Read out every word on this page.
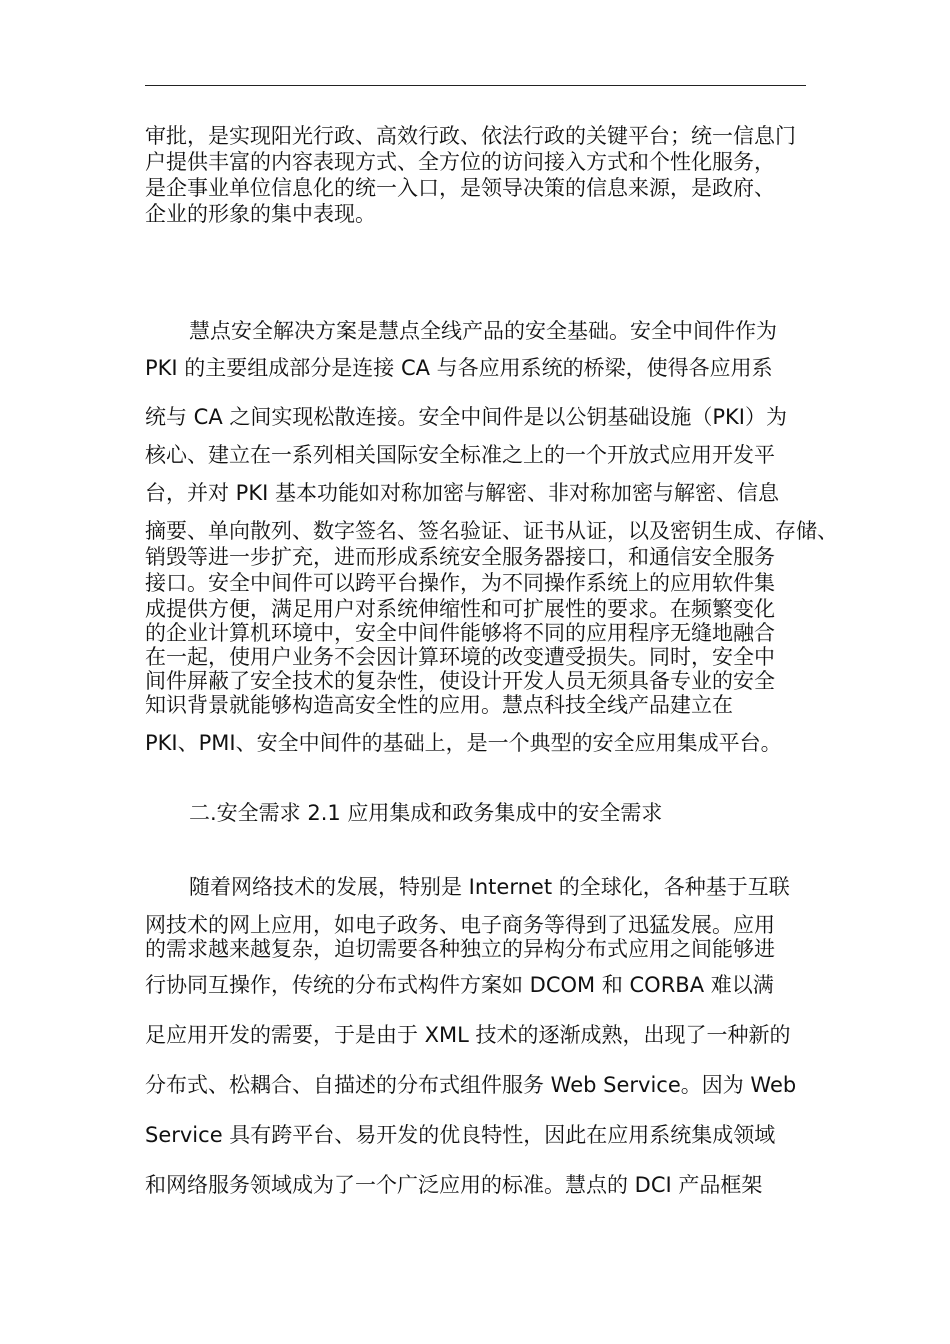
审批，是实现阳光行政、高效行政、依法行政的关键平台；统一信息门
户提供丰富的内容表现方式、全方位的访问接入方式和个性化服务，
是企事业单位信息化的统一入口，是领导决策的信息来源，是政府、
企业的形象的集中表现。
慧点安全解决方案是慧点全线产品的安全基础。安全中间件作为
PKI 的主要组成部分是连接 CA 与各应用系统的桥梁，使得各应用系
统与 CA 之间实现松散连接。安全中间件是以公钥基础设施（PKI）为
核心、建立在一系列相关国际安全标准之上的一个开放式应用开发平
台，并对 PKI 基本功能如对称加密与解密、非对称加密与解密、信息
摘要、单向散列、数字签名、签名验证、证书从证，以及密钥生成、存储、
销毁等进一步扩充，进而形成系统安全服务器接口，和通信安全服务
接口。安全中间件可以跨平台操作，为不同操作系统上的应用软件集
成提供方便，满足用户对系统伸缩性和可扩展性的要求。在频繁变化
的企业计算机环境中，安全中间件能够将不同的应用程序无缝地融合
在一起，使用户业务不会因计算环境的改变遭受损失。同时，安全中
间件屏蔽了安全技术的复杂性，使设计开发人员无须具备专业的安全
知识背景就能够构造高安全性的应用。慧点科技全线产品建立在
PKI、PMI、安全中间件的基础上，是一个典型的安全应用集成平台。
二.安全需求 2.1 应用集成和政务集成中的安全需求
随着网络技术的发展，特别是 Internet 的全球化，各种基于互联
网技术的网上应用，如电子政务、电子商务等得到了迅猛发展。应用
的需求越来越复杂，迫切需要各种独立的异构分布式应用之间能够进
行协同互操作，传统的分布式构件方案如 DCOM 和 CORBA 难以满
足应用开发的需要，于是由于 XML 技术的逐渐成熟，出现了一种新的
分布式、松耦合、自描述的分布式组件服务 Web Service。因为 Web
Service 具有跨平台、易开发的优良特性，因此在应用系统集成领域
和网络服务领域成为了一个广泛应用的标准。慧点的 DCI 产品框架
